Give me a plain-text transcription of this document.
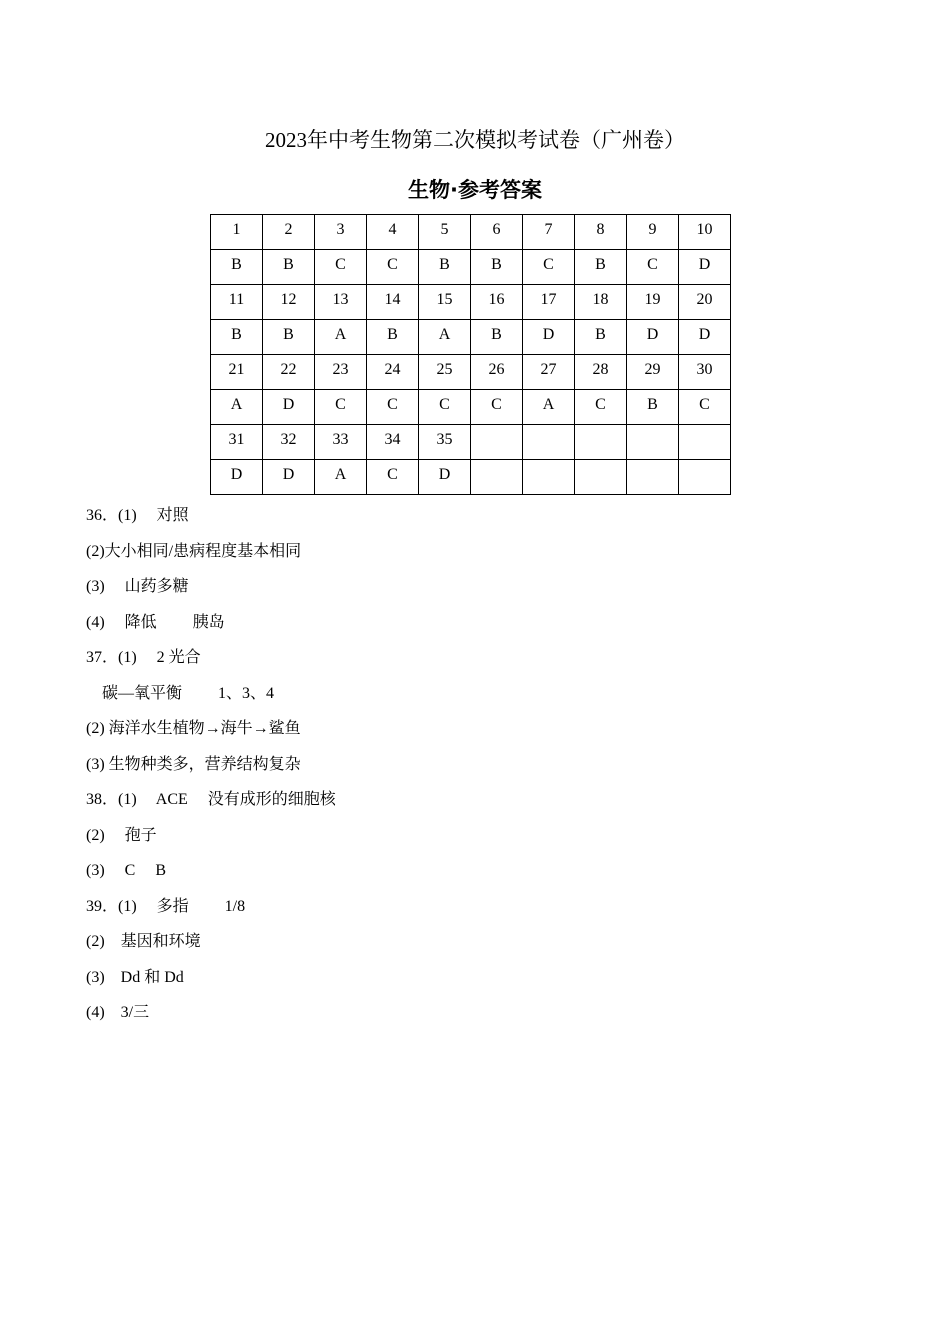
2023年中考生物第二次模拟考试卷（广州卷）
生物·参考答案
1	2	3	4	5	6	7	8	9	10
B	B	C	C	B	B	C	B	C	D
11	12	13	14	15	16	17	18	19	20
B	B	A	B	A	B	D	B	D	D
21	22	23	24	25	26	27	28	29	30
A	D	C	C	C	C	A	C	B	C
31	32	33	34	35					
D	D	A	C	D					
36．(1)　 对照
(2)大小相同/患病程度基本相同
(3)　 山药多糖
(4)　 降低　　 胰岛
37．(1)　 2 光合
　碳—氧平衡　　 1、3、4
(2) 海洋水生植物→海牛→鲨鱼
(3) 生物种类多，营养结构复杂
38．(1)　 ACE　 没有成形的细胞核
(2)　 孢子
(3)　 C　 B
39．(1)　 多指　　 1/8
(2)　基因和环境
(3)　Dd 和 Dd
(4)　3/三
